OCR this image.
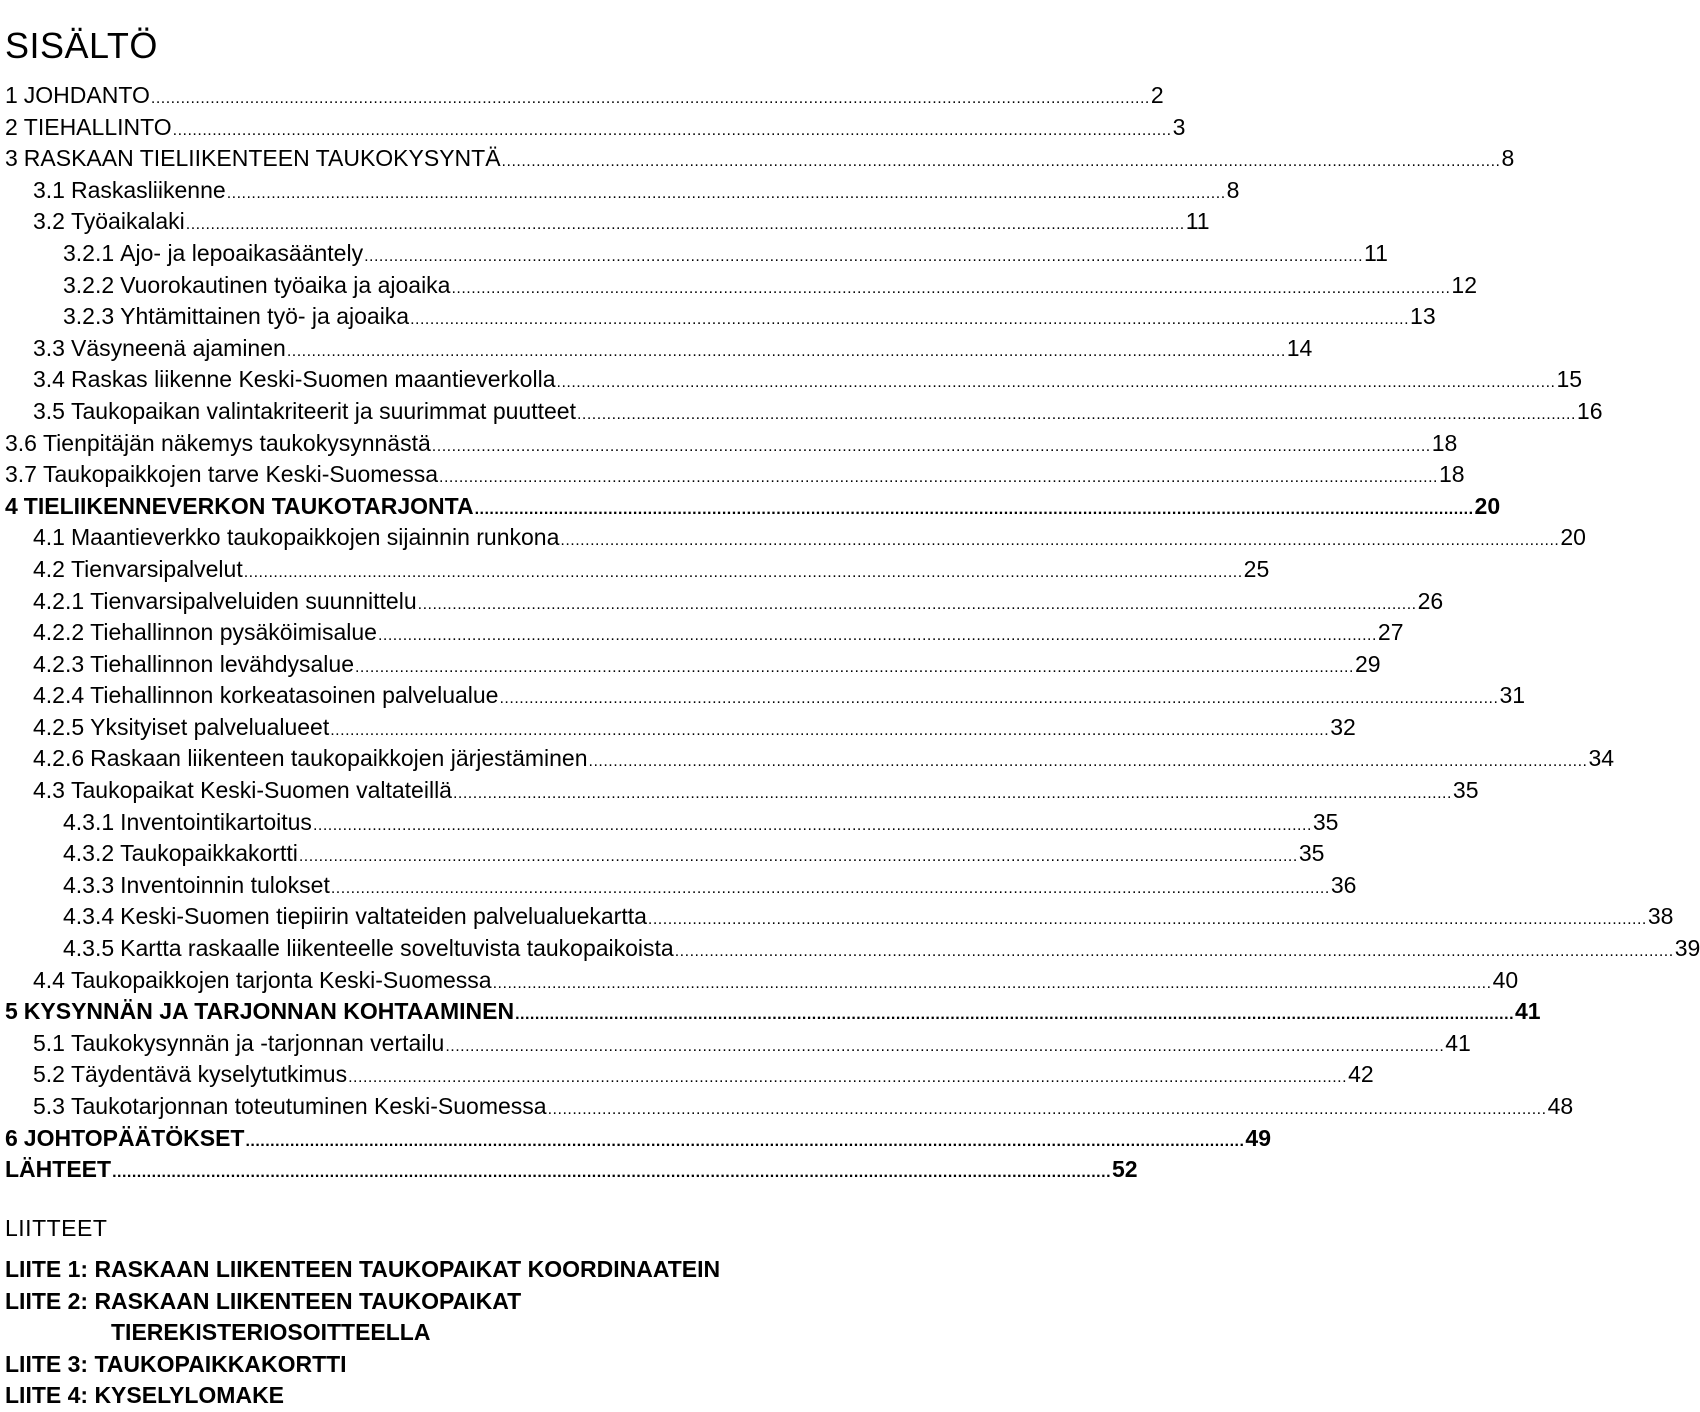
SISÄLTÖ
1 JOHDANTO .......................................................................................................................................................................................................... 2
2 TIEHALLINTO .......................................................................................................................................................................................................... 3
3 RASKAAN TIELIIKENTEEN TAUKOKYSYNTÄ .......................................................................................................................................................................................................... 8
3.1 Raskasliikenne .......................................................................................................................................................................................................... 8
3.2 Työaikalaki .......................................................................................................................................................................................................... 11
3.2.1 Ajo- ja lepoaikasääntely .......................................................................................................................................................................................................... 11
3.2.2 Vuorokautinen työaika ja ajoaika .......................................................................................................................................................................................................... 12
3.2.3 Yhtämittainen työ- ja ajoaika .......................................................................................................................................................................................................... 13
3.3 Väsyneenä ajaminen .......................................................................................................................................................................................................... 14
3.4 Raskas liikenne Keski-Suomen maantieverkolla .......................................................................................................................................................................................................... 15
3.5 Taukopaikan valintakriteerit ja suurimmat puutteet .......................................................................................................................................................................................................... 16
3.6 Tienpitäjän näkemys taukokysynnästä .......................................................................................................................................................................................................... 18
3.7 Taukopaikkojen tarve Keski-Suomessa .......................................................................................................................................................................................................... 18
4 TIELIIKENNEVERKON TAUKOTARJONTA .......................................................................................................................................................................................................... 20
4.1 Maantieverkko taukopaikkojen sijainnin runkona .......................................................................................................................................................................................................... 20
4.2 Tienvarsipalvelut .......................................................................................................................................................................................................... 25
4.2.1 Tienvarsipalveluiden suunnittelu .......................................................................................................................................................................................................... 26
4.2.2 Tiehallinnon pysäköimisalue .......................................................................................................................................................................................................... 27
4.2.3 Tiehallinnon levähdysalue .......................................................................................................................................................................................................... 29
4.2.4 Tiehallinnon korkeatasoinen palvelualue .......................................................................................................................................................................................................... 31
4.2.5 Yksityiset palvelualueet .......................................................................................................................................................................................................... 32
4.2.6 Raskaan liikenteen taukopaikkojen järjestäminen .......................................................................................................................................................................................................... 34
4.3 Taukopaikat Keski-Suomen valtateillä .......................................................................................................................................................................................................... 35
4.3.1 Inventointikartoitus .......................................................................................................................................................................................................... 35
4.3.2 Taukopaikkakortti .......................................................................................................................................................................................................... 35
4.3.3 Inventoinnin tulokset .......................................................................................................................................................................................................... 36
4.3.4 Keski-Suomen tiepiirin valtateiden palvelualuekartta .......................................................................................................................................................................................................... 38
4.3.5 Kartta raskaalle liikenteelle soveltuvista taukopaikoista .......................................................................................................................................................................................................... 39
4.4 Taukopaikkojen tarjonta Keski-Suomessa .......................................................................................................................................................................................................... 40
5 KYSYNNÄN JA TARJONNAN KOHTAAMINEN .......................................................................................................................................................................................................... 41
5.1 Taukokysynnän ja -tarjonnan vertailu .......................................................................................................................................................................................................... 41
5.2 Täydentävä kyselytutkimus .......................................................................................................................................................................................................... 42
5.3 Taukotarjonnan toteutuminen Keski-Suomessa .......................................................................................................................................................................................................... 48
6 JOHTOPÄÄTÖKSET .......................................................................................................................................................................................................... 49
LÄHTEET .......................................................................................................................................................................................................... 52
LIITTEET
LIITE 1: RASKAAN LIIKENTEEN TAUKOPAIKAT KOORDINAATEIN
LIITE 2: RASKAAN LIIKENTEEN TAUKOPAIKAT
TIEREKISTERIOSOITTEELLA
LIITE 3: TAUKOPAIKKAKORTTI
LIITE 4: KYSELYLOMAKE
